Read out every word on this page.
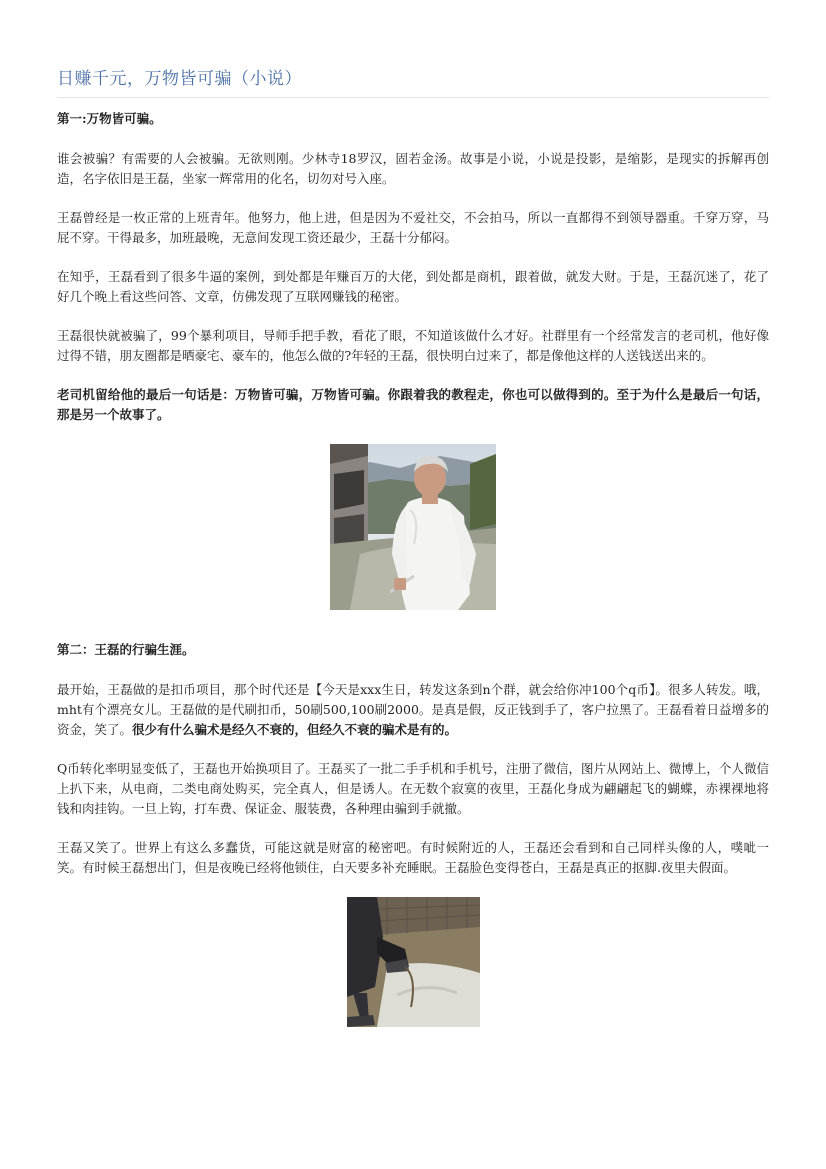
日赚千元，万物皆可骗（小说）

第一:万物皆可骗。

谁会被骗？有需要的人会被骗。无欲则刚。少林寺18罗汉，固若金汤。故事是小说，小说是投影，是缩影，是现实的拆解再创造，名字依旧是王磊，坐家一辉常用的化名，切勿对号入座。

王磊曾经是一枚正常的上班青年。他努力，他上进，但是因为不爱社交，不会拍马，所以一直都得不到领导器重。千穿万穿，马屁不穿。干得最多，加班最晚，无意间发现工资还最少，王磊十分郁闷。

在知乎，王磊看到了很多牛逼的案例，到处都是年赚百万的大佬，到处都是商机，跟着做，就发大财。于是，王磊沉迷了，花了好几个晚上看这些问答、文章，仿佛发现了互联网赚钱的秘密。

王磊很快就被骗了，99个暴利项目，导师手把手教，看花了眼，不知道该做什么才好。社群里有一个经常发言的老司机，他好像过得不错，朋友圈都是晒豪宅、豪车的，他怎么做的?年轻的王磊，很快明白过来了，都是像他这样的人送钱送出来的。

老司机留给他的最后一句话是：万物皆可骗，万物皆可骗。你跟着我的教程走，你也可以做得到的。至于为什么是最后一句话，那是另一个故事了。

第二：王磊的行骗生涯。

最开始，王磊做的是扣币项目，那个时代还是【今天是xxx生日，转发这条到n个群，就会给你冲100个q币】。很多人转发。哦，mht有个漂亮女儿。王磊做的是代刷扣币，50刷500,100刷2000。是真是假，反正钱到手了，客户拉黑了。王磊看着日益增多的资金，笑了。很少有什么骗术是经久不衰的，但经久不衰的骗术是有的。

Q币转化率明显变低了，王磊也开始换项目了。王磊买了一批二手手机和手机号，注册了微信，图片从网站上、微博上，个人微信上扒下来，从电商，二类电商处购买，完全真人，但是诱人。在无数个寂寞的夜里，王磊化身成为翩翩起飞的蝴蝶，赤裸裸地将钱和肉挂钩。一旦上钩，打车费、保证金、服装费，各种理由骗到手就撤。

王磊又笑了。世界上有这么多蠢货，可能这就是财富的秘密吧。有时候附近的人，王磊还会看到和自己同样头像的人，噗呲一笑。有时候王磊想出门，但是夜晚已经将他锁住，白天要多补充睡眠。王磊脸色变得苍白，王磊是真正的抠脚.夜里夫假面。
